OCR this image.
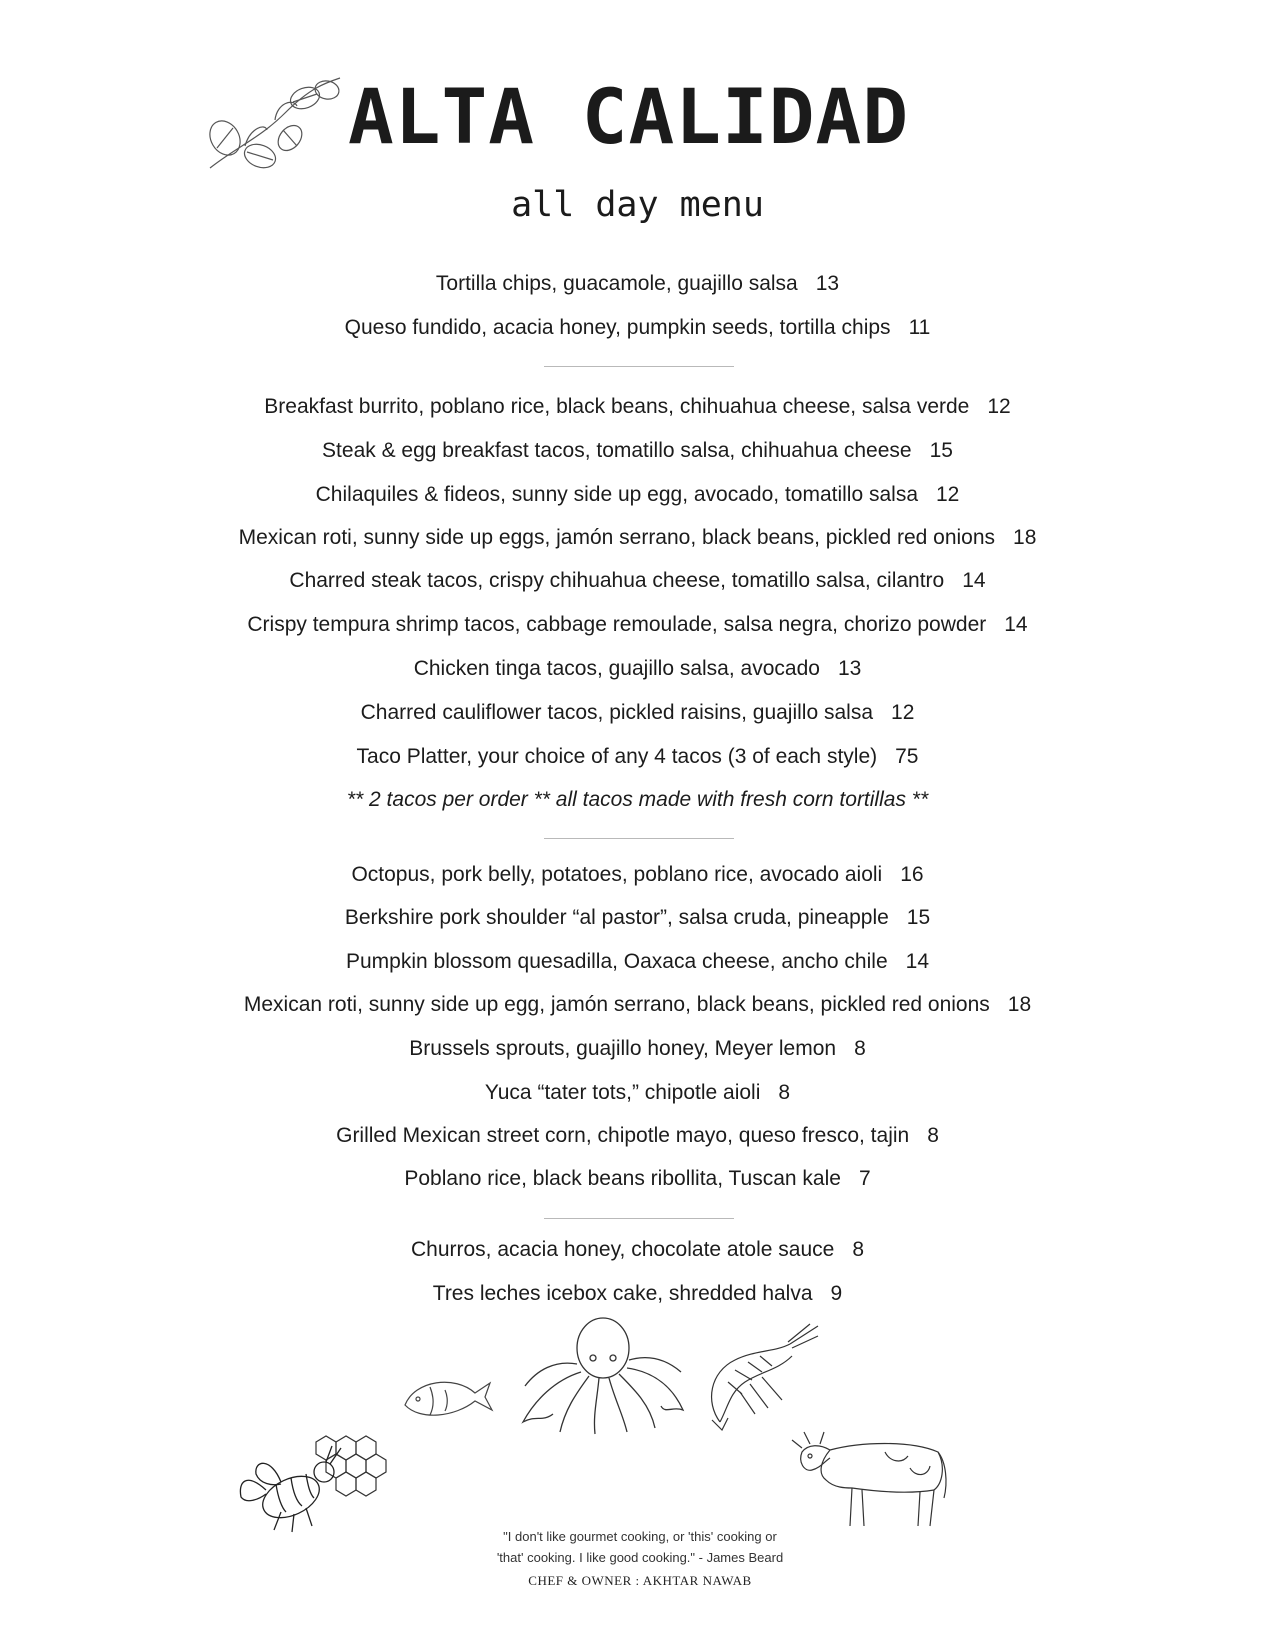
ALTA CALIDAD
all day menu
Tortilla chips, guacamole, guajillo salsa 13
Queso fundido, acacia honey, pumpkin seeds, tortilla chips 11
Breakfast burrito, poblano rice, black beans, chihuahua cheese, salsa verde 12
Steak & egg breakfast tacos, tomatillo salsa, chihuahua cheese 15
Chilaquiles & fideos, sunny side up egg, avocado, tomatillo salsa 12
Mexican roti, sunny side up eggs, jamón serrano, black beans, pickled red onions 18
Charred steak tacos, crispy chihuahua cheese, tomatillo salsa, cilantro 14
Crispy tempura shrimp tacos, cabbage remoulade, salsa negra, chorizo powder 14
Chicken tinga tacos, guajillo salsa, avocado 13
Charred cauliflower tacos, pickled raisins, guajillo salsa 12
Taco Platter, your choice of any 4 tacos (3 of each style) 75
** 2 tacos per order ** all tacos made with fresh corn tortillas **
Octopus, pork belly, potatoes, poblano rice, avocado aioli 16
Berkshire pork shoulder “al pastor”, salsa cruda, pineapple 15
Pumpkin blossom quesadilla, Oaxaca cheese, ancho chile 14
Mexican roti, sunny side up egg, jamón serrano, black beans, pickled red onions 18
Brussels sprouts, guajillo honey, Meyer lemon 8
Yuca “tater tots,” chipotle aioli 8
Grilled Mexican street corn, chipotle mayo, queso fresco, tajin 8
Poblano rice, black beans ribollita, Tuscan kale 7
Churros, acacia honey, chocolate atole sauce 8
Tres leches icebox cake, shredded halva 9
"I don't like gourmet cooking, or 'this' cooking or
'that' cooking. I like good cooking." - James Beard
CHEF & OWNER : AKHTAR NAWAB
